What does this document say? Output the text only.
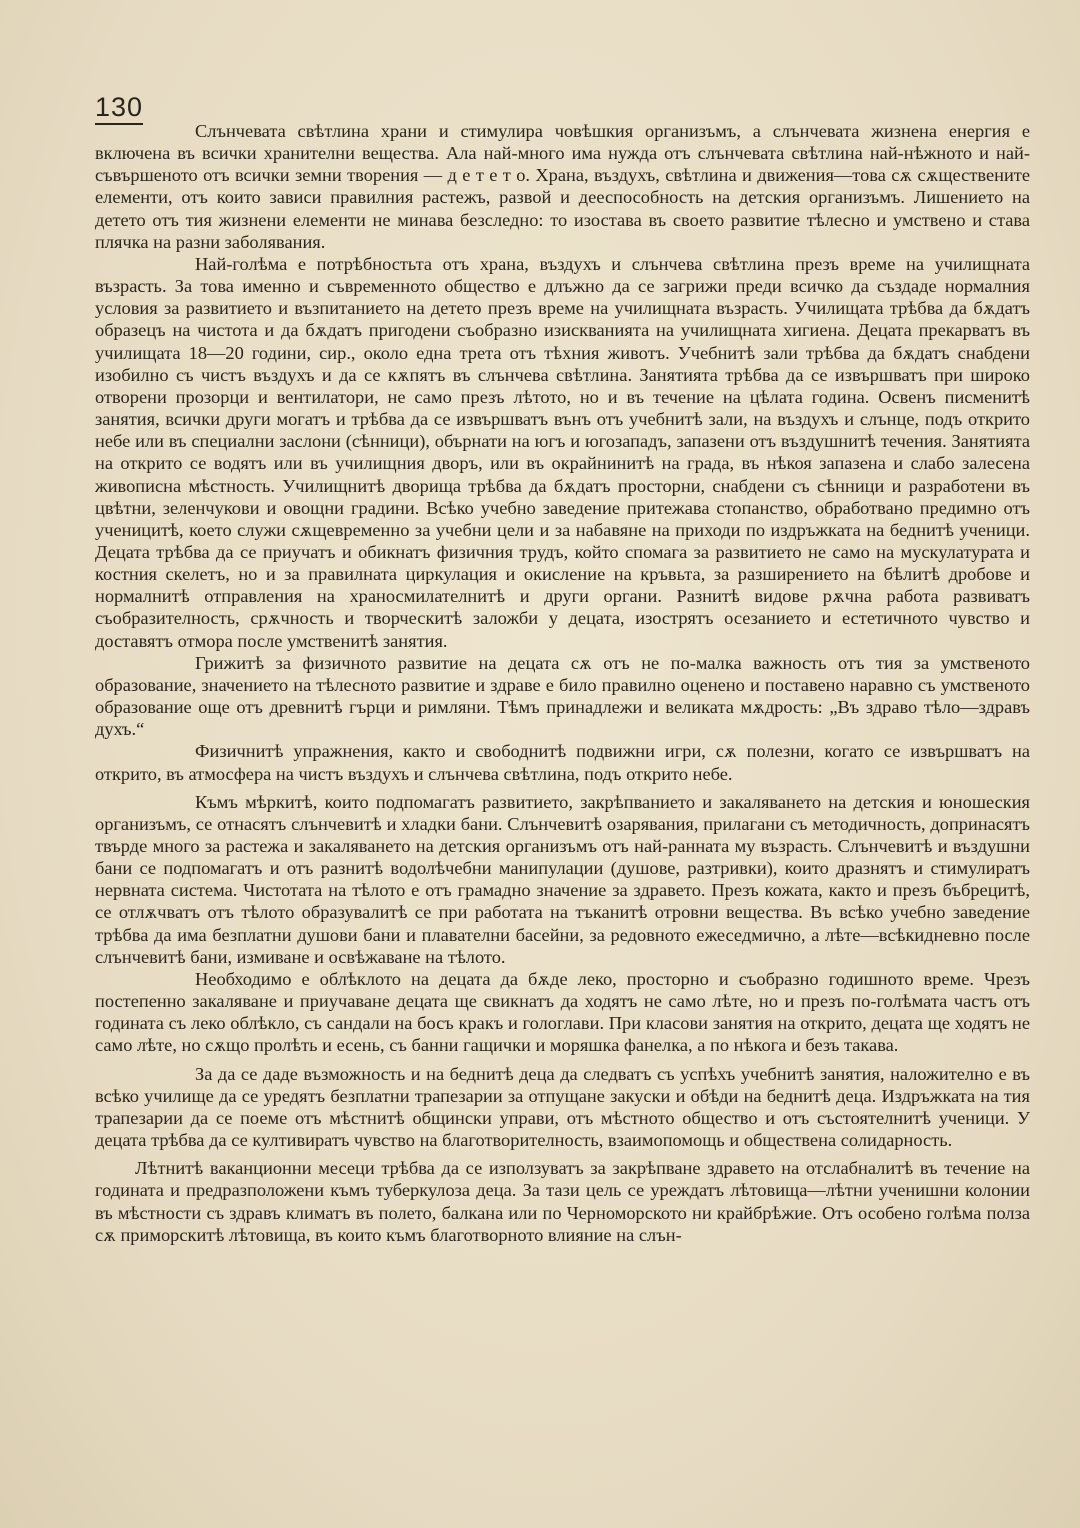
130

Слънчевата свѣтлина храни и стимулира човѣшкия организъмъ, а слънчевата жизнена енергия е включена въ всички хранителни вещества. Ала най-много има нужда отъ слънчевата свѣтлина най-нѣжното и най-съвършеното отъ всички земни творения — д е т е т о. Храна, въздухъ, свѣтлина и движения—това сѫ сѫществените елементи, отъ които зависи правилния растежъ, развой и дееспособность на детския организъмъ. Лишението на детето отъ тия жизнени елементи не минава безследно: то изостава въ своето развитие тѣлесно и умствено и става плячка на разни заболявания.

Най-голѣма е потрѣбностьта отъ храна, въздухъ и слънчева свѣтлина презъ време на училищната възрасть. За това именно и съвременното общество е длъжно да се загрижи преди всичко да създаде нормалния условия за развитието и възпитанието на детето презъ време на училищната възрасть. Училищата трѣбва да бѫдатъ образецъ на чистота и да бѫдатъ пригодени съобразно изискванията на училищната хигиена. Децата прекарватъ въ училищата 18—20 години, сир., около една трета отъ тѣхния животъ. Учебнитѣ зали трѣбва да бѫдатъ снабдени изобилно съ чистъ въздухъ и да се кѫпятъ въ слънчева свѣтлина. Занятията трѣбва да се извършватъ при широко отворени прозорци и вентилатори, не само презъ лѣтото, но и въ течение на цѣлата година. Освенъ писменитѣ занятия, всички други могатъ и трѣбва да се извършватъ вънъ отъ учебнитѣ зали, на въздухъ и слънце, подъ открито небе или въ специални заслони (сѣнници), обърнати на югъ и югозападъ, запазени отъ въздушнитѣ течения. Занятията на открито се водятъ или въ училищния дворъ, или въ окрайнинитѣ на града, въ нѣкоя запазена и слабо залесена живописна мѣстность. Училищнитѣ дворища трѣбва да бѫдатъ просторни, снабдени съ сѣнници и разработени въ цвѣтни, зеленчукови и овощни градини. Всѣко учебно заведение притежава стопанство, обработвано предимно отъ ученицитѣ, което служи сѫщевременно за учебни цели и за набавяне на приходи по издръжката на беднитѣ ученици. Децата трѣбва да се приучатъ и обикнатъ физичния трудъ, който спомага за развитието не само на мускулатурата и костния скелетъ, но и за правилната циркулация и окисление на кръвьта, за разширението на бѣлитѣ дробове и нормалнитѣ отправления на храносмилателнитѣ и други органи. Разнитѣ видове рѫчна работа развиватъ съобразителность, срѫчность и творческитѣ заложби у децата, изострятъ осезанието и естетичното чувство и доставятъ отмора после умственитѣ занятия.

Грижитѣ за физичното развитие на децата сѫ отъ не по-малка важность отъ тия за умственото образование, значението на тѣлесното развитие и здраве е било правилно оценено и поставено наравно съ умственото образование още отъ древнитѣ гърци и римляни. Тѣмъ принадлежи и великата мѫдрость: „Въ здраво тѣло—здравъ духъ.“

Физичнитѣ упражнения, както и свободнитѣ подвижни игри, сѫ полезни, когато се извършватъ на открито, въ атмосфера на чистъ въздухъ и слънчева свѣтлина, подъ открито небе.

Къмъ мѣркитѣ, които подпомагатъ развитието, закрѣпванието и закаляването на детския и юношеския организъмъ, се отнасятъ слънчевитѣ и хладки бани. Слънчевитѣ озарявания, прилагани съ методичность, допринасятъ твърде много за растежа и закаляването на детския организъмъ отъ най-ранната му възрасть. Слънчевитѣ и въздушни бани се подпомагатъ и отъ разнитѣ водолѣчебни манипулации (душове, разтривки), които дразнятъ и стимулиратъ нервната система. Чистотата на тѣлото е отъ грамадно значение за здравето. Презъ кожата, както и презъ бъбрецитѣ, се отлѫчватъ отъ тѣлото образувалитѣ се при работата на тъканитѣ отровни вещества. Въ всѣко учебно заведение трѣбва да има безплатни душови бани и плавателни басейни, за редовното ежеседмично, а лѣте—всѣкидневно после слънчевитѣ бани, измиване и освѣжаване на тѣлото.

Необходимо е облѣклото на децата да бѫде леко, просторно и съобразно годишното време. Чрезъ постепенно закаляване и приучаване децата ще свикнатъ да ходятъ не само лѣте, но и презъ по-голѣмата частъ отъ годината съ леко облѣкло, съ сандали на босъ кракъ и гологлави. При класови занятия на открито, децата ще ходятъ не само лѣте, но сѫщо пролѣть и есень, съ банни гащички и моряшка фанелка, а по нѣкога и безъ такава.

За да се даде възможность и на беднитѣ деца да следватъ съ успѣхъ учебнитѣ занятия, наложително е въ всѣко училище да се уредятъ безплатни трапезарии за отпущане закуски и обѣди на беднитѣ деца. Издръжката на тия трапезарии да се поеме отъ мѣстнитѣ общински управи, отъ мѣстното общество и отъ състоятелнитѣ ученици. У децата трѣбва да се култивиратъ чувство на благотворителность, взаимопомощь и обществена солидарность.

Лѣтнитѣ ваканционни месеци трѣбва да се използуватъ за закрѣпване здравето на отслабналитѣ въ течение на годината и предразположени къмъ туберкулоза деца. За тази цель се уреждатъ лѣтовища—лѣтни ученишни колонии въ мѣстности съ здравъ климатъ въ полето, балкана или по Черноморското ни крайбрѣжие. Отъ особено голѣма полза сѫ приморскитѣ лѣтовища, въ които къмъ благотворното влияние на слън-
